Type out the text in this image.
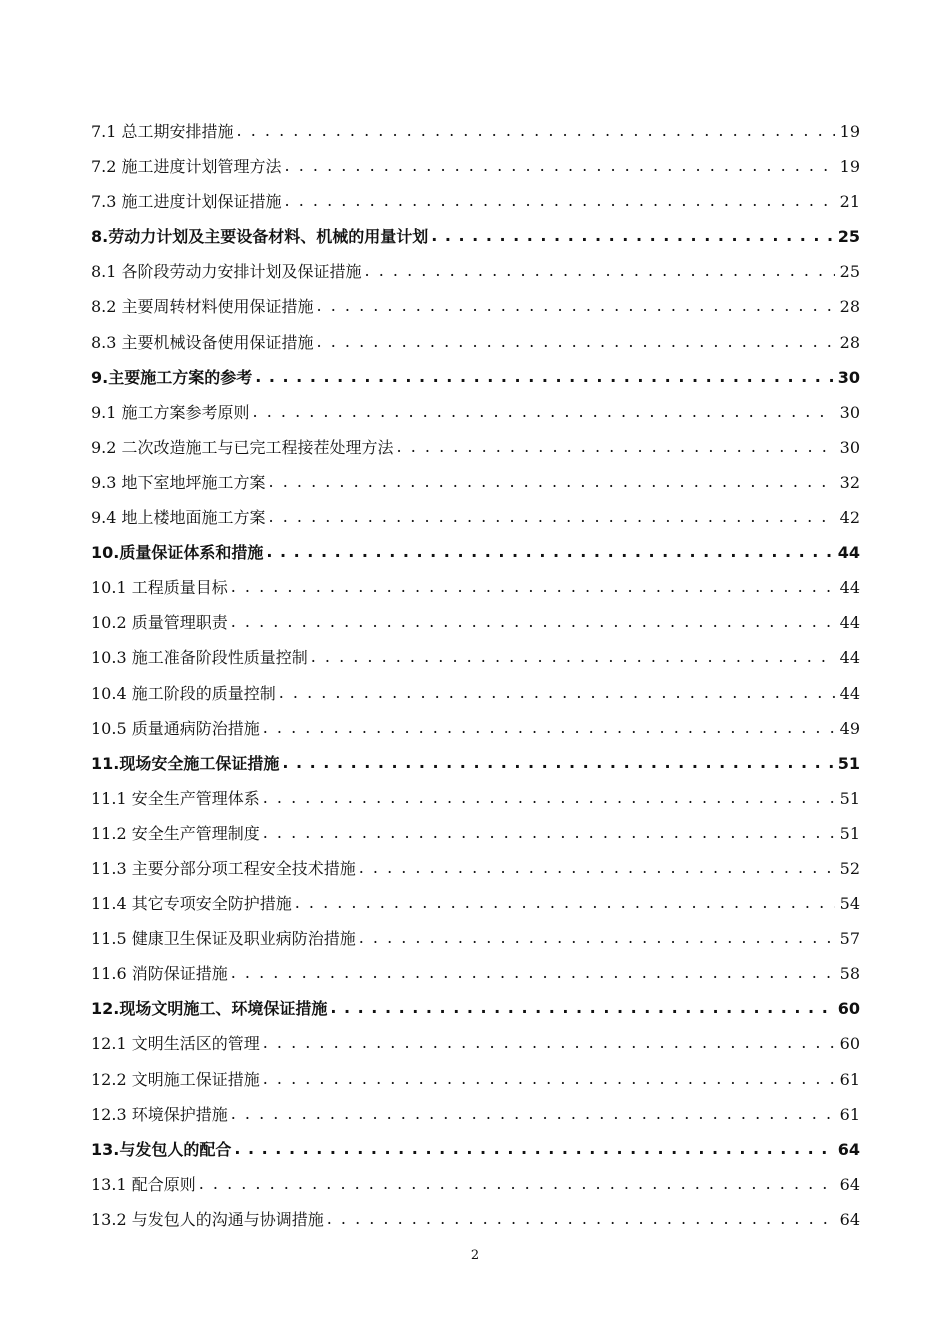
7.1 总工期安排措施 . . .	19
7.2 施工进度计划管理方法 . . .	19
7.3 施工进度计划保证措施 . . .	21
8.劳动力计划及主要设备材料、机械的用量计划 . . .	25
8.1 各阶段劳动力安排计划及保证措施 . . .	25
8.2 主要周转材料使用保证措施 . . .	28
8.3 主要机械设备使用保证措施 . . .	28
9.主要施工方案的参考 . . .	30
9.1 施工方案参考原则 . . .	30
9.2 二次改造施工与已完工程接茬处理方法 . . .	30
9.3 地下室地坪施工方案 . . .	32
9.4 地上楼地面施工方案 . . .	42
10.质量保证体系和措施 . . .	44
10.1 工程质量目标 . . .	44
10.2 质量管理职责 . . .	44
10.3 施工准备阶段性质量控制 . . .	44
10.4 施工阶段的质量控制 . . .	44
10.5 质量通病防治措施 . . .	49
11.现场安全施工保证措施 . . .	51
11.1 安全生产管理体系 . . .	51
11.2 安全生产管理制度 . . .	51
11.3 主要分部分项工程安全技术措施 . . .	52
11.4 其它专项安全防护措施 . . .	54
11.5 健康卫生保证及职业病防治措施 . . .	57
11.6 消防保证措施 . . .	58
12.现场文明施工、环境保证措施 . . .	60
12.1 文明生活区的管理 . . .	60
12.2 文明施工保证措施 . . .	61
12.3 环境保护措施 . . .	61
13.与发包人的配合 . . .	64
13.1 配合原则 . . .	64
13.2 与发包人的沟通与协调措施 . . .	64
2
